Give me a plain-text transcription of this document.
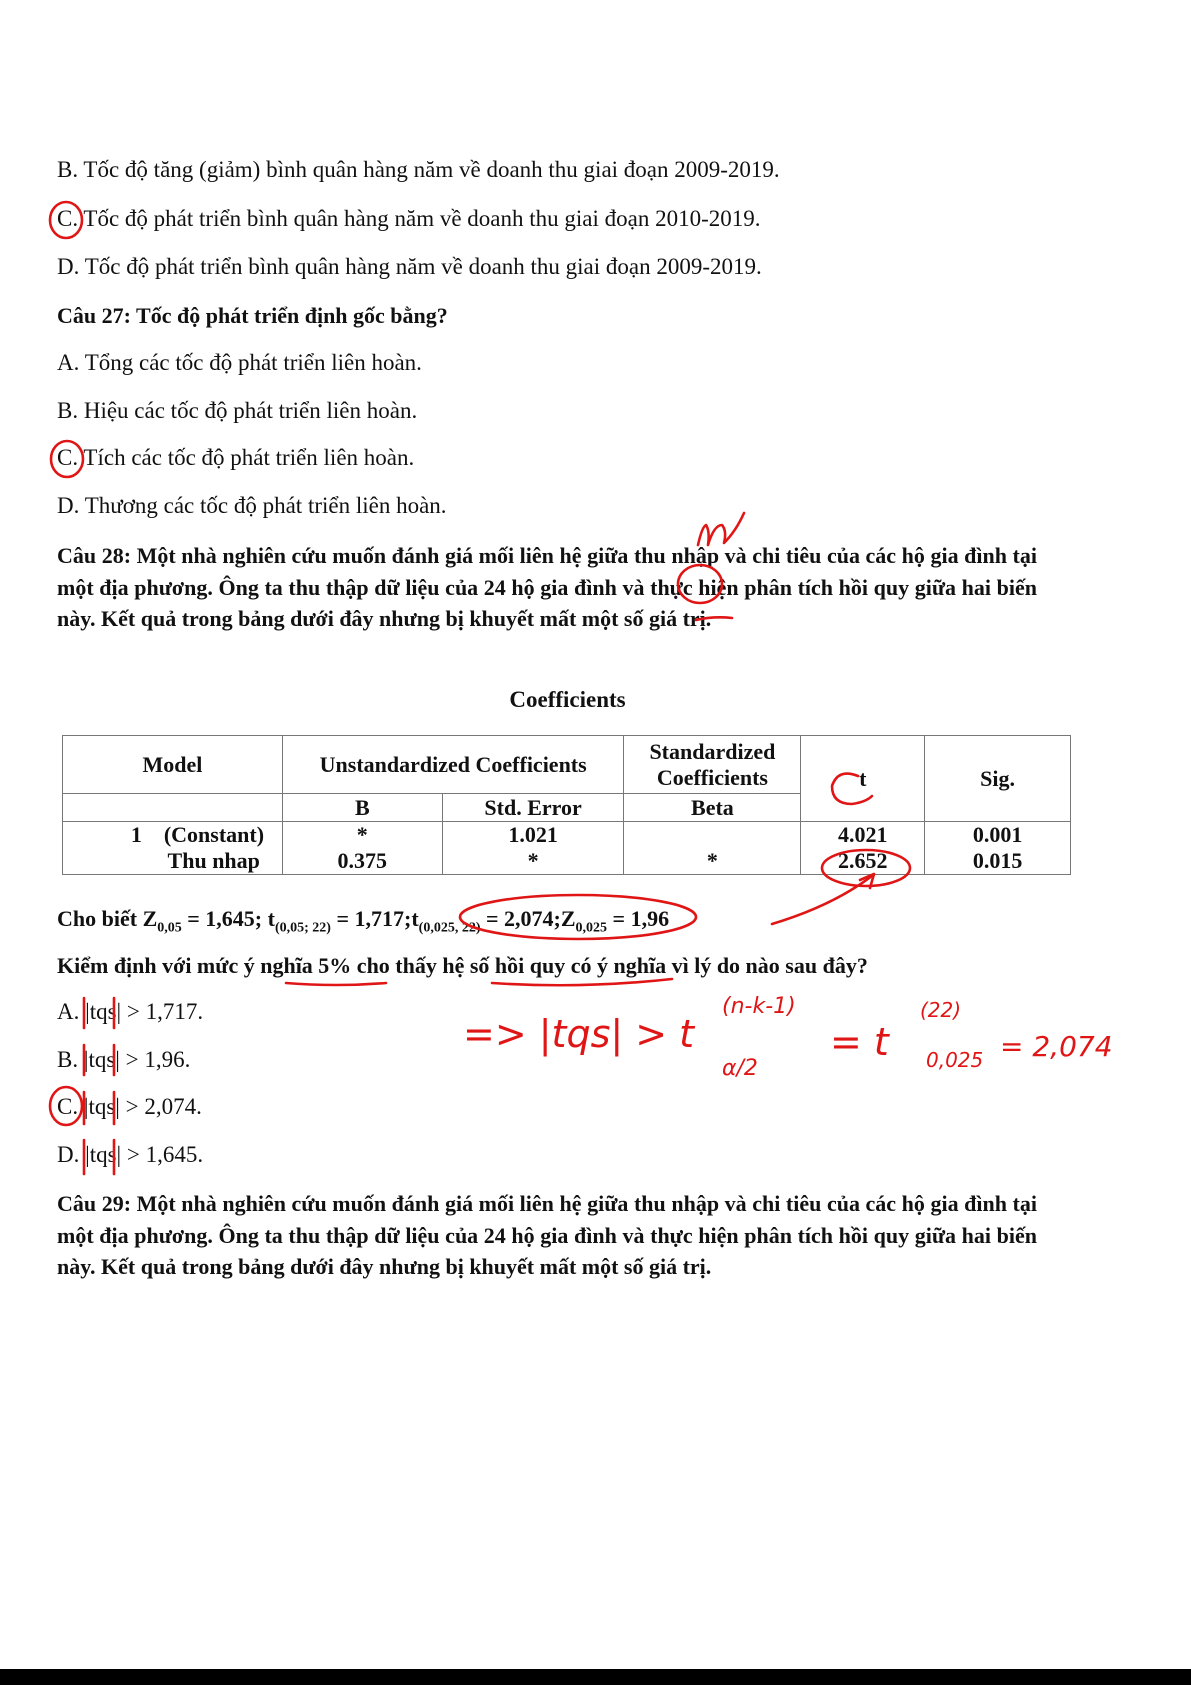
B. Tốc độ tăng (giảm) bình quân hàng năm về doanh thu giai đoạn 2009-2019.
C. Tốc độ phát triển bình quân hàng năm về doanh thu giai đoạn 2010-2019.
D. Tốc độ phát triển bình quân hàng năm về doanh thu giai đoạn 2009-2019.
Câu 27: Tốc độ phát triển định gốc bằng?
A. Tổng các tốc độ phát triển liên hoàn.
B. Hiệu các tốc độ phát triển liên hoàn.
C. Tích các tốc độ phát triển liên hoàn.
D. Thương các tốc độ phát triển liên hoàn.
Câu 28: Một nhà nghiên cứu muốn đánh giá mối liên hệ giữa thu nhập và chi tiêu của các hộ gia đình tại một địa phương. Ông ta thu thập dữ liệu của 24 hộ gia đình và thực hiện phân tích hồi quy giữa hai biến này. Kết quả trong bảng dưới đây nhưng bị khuyết mất một số giá trị.
Coefficients
Model	Unstandardized Coefficients		Standardized Coefficients	t	Sig.
	B	Std. Error	Beta		
1 (Constant)	*	1.021		4.021	0.001
Thu nhap	0.375	*	*	2.652	0.015
Cho biết $Z_{0,05} = 1,645$; $t_{(0,05; 22)}$ = $1,717;t_{(0,025, 22)}$ = $2,074;Z_{0,025} = 1,96$
Kiểm định với mức ý nghĩa 5% cho thấy hệ số hồi quy có ý nghĩa vì lý do nào sau đây?
A. |tqs| > 1,717.
B. |tqs| > 1,96.
C. |tqs| > 2,074.
D. |tqs| > 1,645.
Câu 29: Một nhà nghiên cứu muốn đánh giá mối liên hệ giữa thu nhập và chi tiêu của các hộ gia đình tại một địa phương. Ông ta thu thập dữ liệu của 24 hộ gia đình và thực hiện phân tích hồi quy giữa hai biến này. Kết quả trong bảng dưới đây nhưng bị khuyết mất một số giá trị.
=> |tqs| > t
(n-k-1)
α/2
= t
(22)
0,025 = 2,074
